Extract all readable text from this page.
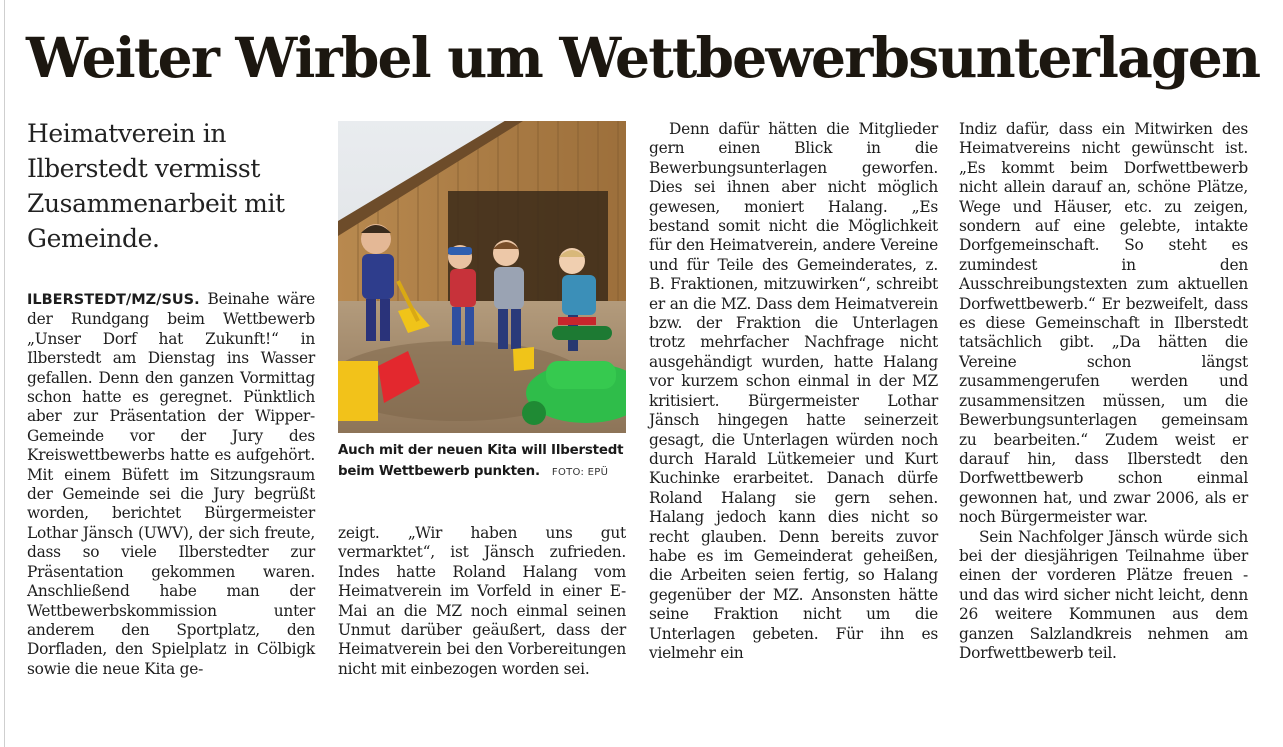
Weiter Wirbel um Wettbewerbsunterlagen
Heimatverein in Ilberstedt vermisst Zusammenarbeit mit Gemeinde.

ILBERSTEDT/MZ/SUS. Beinahe wäre der Rundgang beim Wettbewerb „Unser Dorf hat Zukunft!“ in Ilberstedt am Dienstag ins Wasser gefallen. Denn den ganzen Vormittag schon hatte es geregnet. Pünktlich aber zur Präsentation der Wipper-Gemeinde vor der Jury des Kreiswettbewerbs hatte es aufgehört. Mit einem Büfett im Sitzungsraum der Gemeinde sei die Jury begrüßt worden, berichtet Bürgermeister Lothar Jänsch (UWV), der sich freute, dass so viele Ilberstedter zur Präsentation gekommen waren. Anschließend habe man der Wettbewerbskommission unter anderem den Sportplatz, den Dorfladen, den Spielplatz in Cölbigk sowie die neue Kita ge-

Auch mit der neuen Kita will Ilberstedt beim Wettbewerb punkten. FOTO: EPÜ

zeigt. „Wir haben uns gut vermarktet“, ist Jänsch zufrieden. Indes hatte Roland Halang vom Heimatverein im Vorfeld in einer E-Mai an die MZ noch einmal seinen Unmut darüber geäußert, dass der Heimatverein bei den Vorbereitungen nicht mit einbezogen worden sei.

Denn dafür hätten die Mitglieder gern einen Blick in die Bewerbungsunterlagen geworfen. Dies sei ihnen aber nicht möglich gewesen, moniert Halang. „Es bestand somit nicht die Möglichkeit für den Heimatverein, andere Vereine und für Teile des Gemeinderates, z. B. Fraktionen, mitzuwirken“, schreibt er an die MZ. Dass dem Heimatverein bzw. der Fraktion die Unterlagen trotz mehrfacher Nachfrage nicht ausgehändigt wurden, hatte Halang vor kurzem schon einmal in der MZ kritisiert. Bürgermeister Lothar Jänsch hingegen hatte seinerzeit gesagt, die Unterlagen würden noch durch Harald Lütkemeier und Kurt Kuchinke erarbeitet. Danach dürfe Roland Halang sie gern sehen. Halang jedoch kann dies nicht so recht glauben. Denn bereits zuvor habe es im Gemeinderat geheißen, die Arbeiten seien fertig, so Halang gegenüber der MZ. Ansonsten hätte seine Fraktion nicht um die Unterlagen gebeten. Für ihn es vielmehr ein

Indiz dafür, dass ein Mitwirken des Heimatvereins nicht gewünscht ist. „Es kommt beim Dorfwettbewerb nicht allein darauf an, schöne Plätze, Wege und Häuser, etc. zu zeigen, sondern auf eine gelebte, intakte Dorfgemeinschaft. So steht es zumindest in den Ausschreibungstexten zum aktuellen Dorfwettbewerb.“ Er bezweifelt, dass es diese Gemeinschaft in Ilberstedt tatsächlich gibt. „Da hätten die Vereine schon längst zusammengerufen werden und zusammensitzen müssen, um die Bewerbungsunterlagen gemeinsam zu bearbeiten.“ Zudem weist er darauf hin, dass Ilberstedt den Dorfwettbewerb schon einmal gewonnen hat, und zwar 2006, als er noch Bürgermeister war.

Sein Nachfolger Jänsch würde sich bei der diesjährigen Teilnahme über einen der vorderen Plätze freuen - und das wird sicher nicht leicht, denn 26 weitere Kommunen aus dem ganzen Salzlandkreis nehmen am Dorfwettbewerb teil.
